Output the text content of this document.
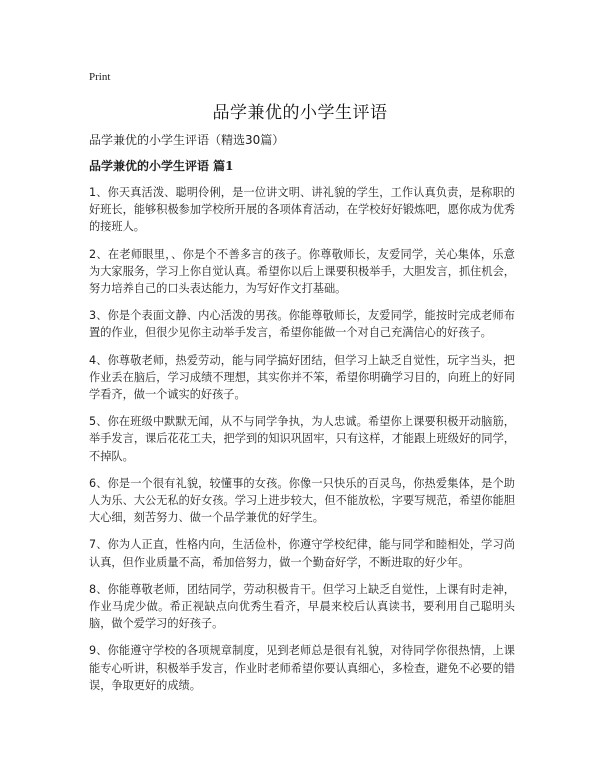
Print
品学兼优的小学生评语

品学兼优的小学生评语（精选30篇）

品学兼优的小学生评语 篇1

1、你天真活泼、聪明伶俐，是一位讲文明、讲礼貌的学生，工作认真负责，是称职的好班长，能够积极参加学校所开展的各项体育活动，在学校好好锻炼吧，愿你成为优秀的接班人。

2、在老师眼里，、你是个不善多言的孩子。你尊敬师长，友爱同学，关心集体，乐意为大家服务，学习上你自觉认真。希望你以后上课要积极举手，大胆发言，抓住机会，努力培养自己的口头表达能力，为写好作文打基础。

3、你是个表面文静、内心活泼的男孩。你能尊敬师长，友爱同学，能按时完成老师布置的作业，但很少见你主动举手发言，希望你能做一个对自己充满信心的好孩子。

4、你尊敬老师，热爱劳动，能与同学搞好团结，但学习上缺乏自觉性，玩字当头，把作业丢在脑后，学习成绩不理想，其实你并不笨，希望你明确学习目的，向班上的好同学看齐，做一个诚实的好孩子。

5、你在班级中默默无闻，从不与同学争执，为人忠诚。希望你上课要积极开动脑筋，举手发言，课后花花工夫，把学到的知识巩固牢，只有这样，才能跟上班级好的同学，不掉队。

6、你是一个很有礼貌，较懂事的女孩。你像一只快乐的百灵鸟，你热爱集体，是个助人为乐、大公无私的好女孩。学习上进步较大，但不能放松，字要写规范，希望你能胆大心细，刻苦努力、做一个品学兼优的好学生。

7、你为人正直，性格内向，生活俭朴，你遵守学校纪律，能与同学和睦相处，学习尚认真，但作业质量不高，希加倍努力，做一个勤奋好学，不断进取的好少年。

8、你能尊敬老师，团结同学，劳动积极肯干。但学习上缺乏自觉性，上课有时走神，作业马虎少做。希正视缺点向优秀生看齐，早晨来校后认真读书，要利用自己聪明头脑，做个爱学习的好孩子。

9、你能遵守学校的各项规章制度，见到老师总是很有礼貌，对待同学你很热情，上课能专心听讲，积极举手发言，作业时老师希望你要认真细心，多检查，避免不必要的错误，争取更好的成绩。
